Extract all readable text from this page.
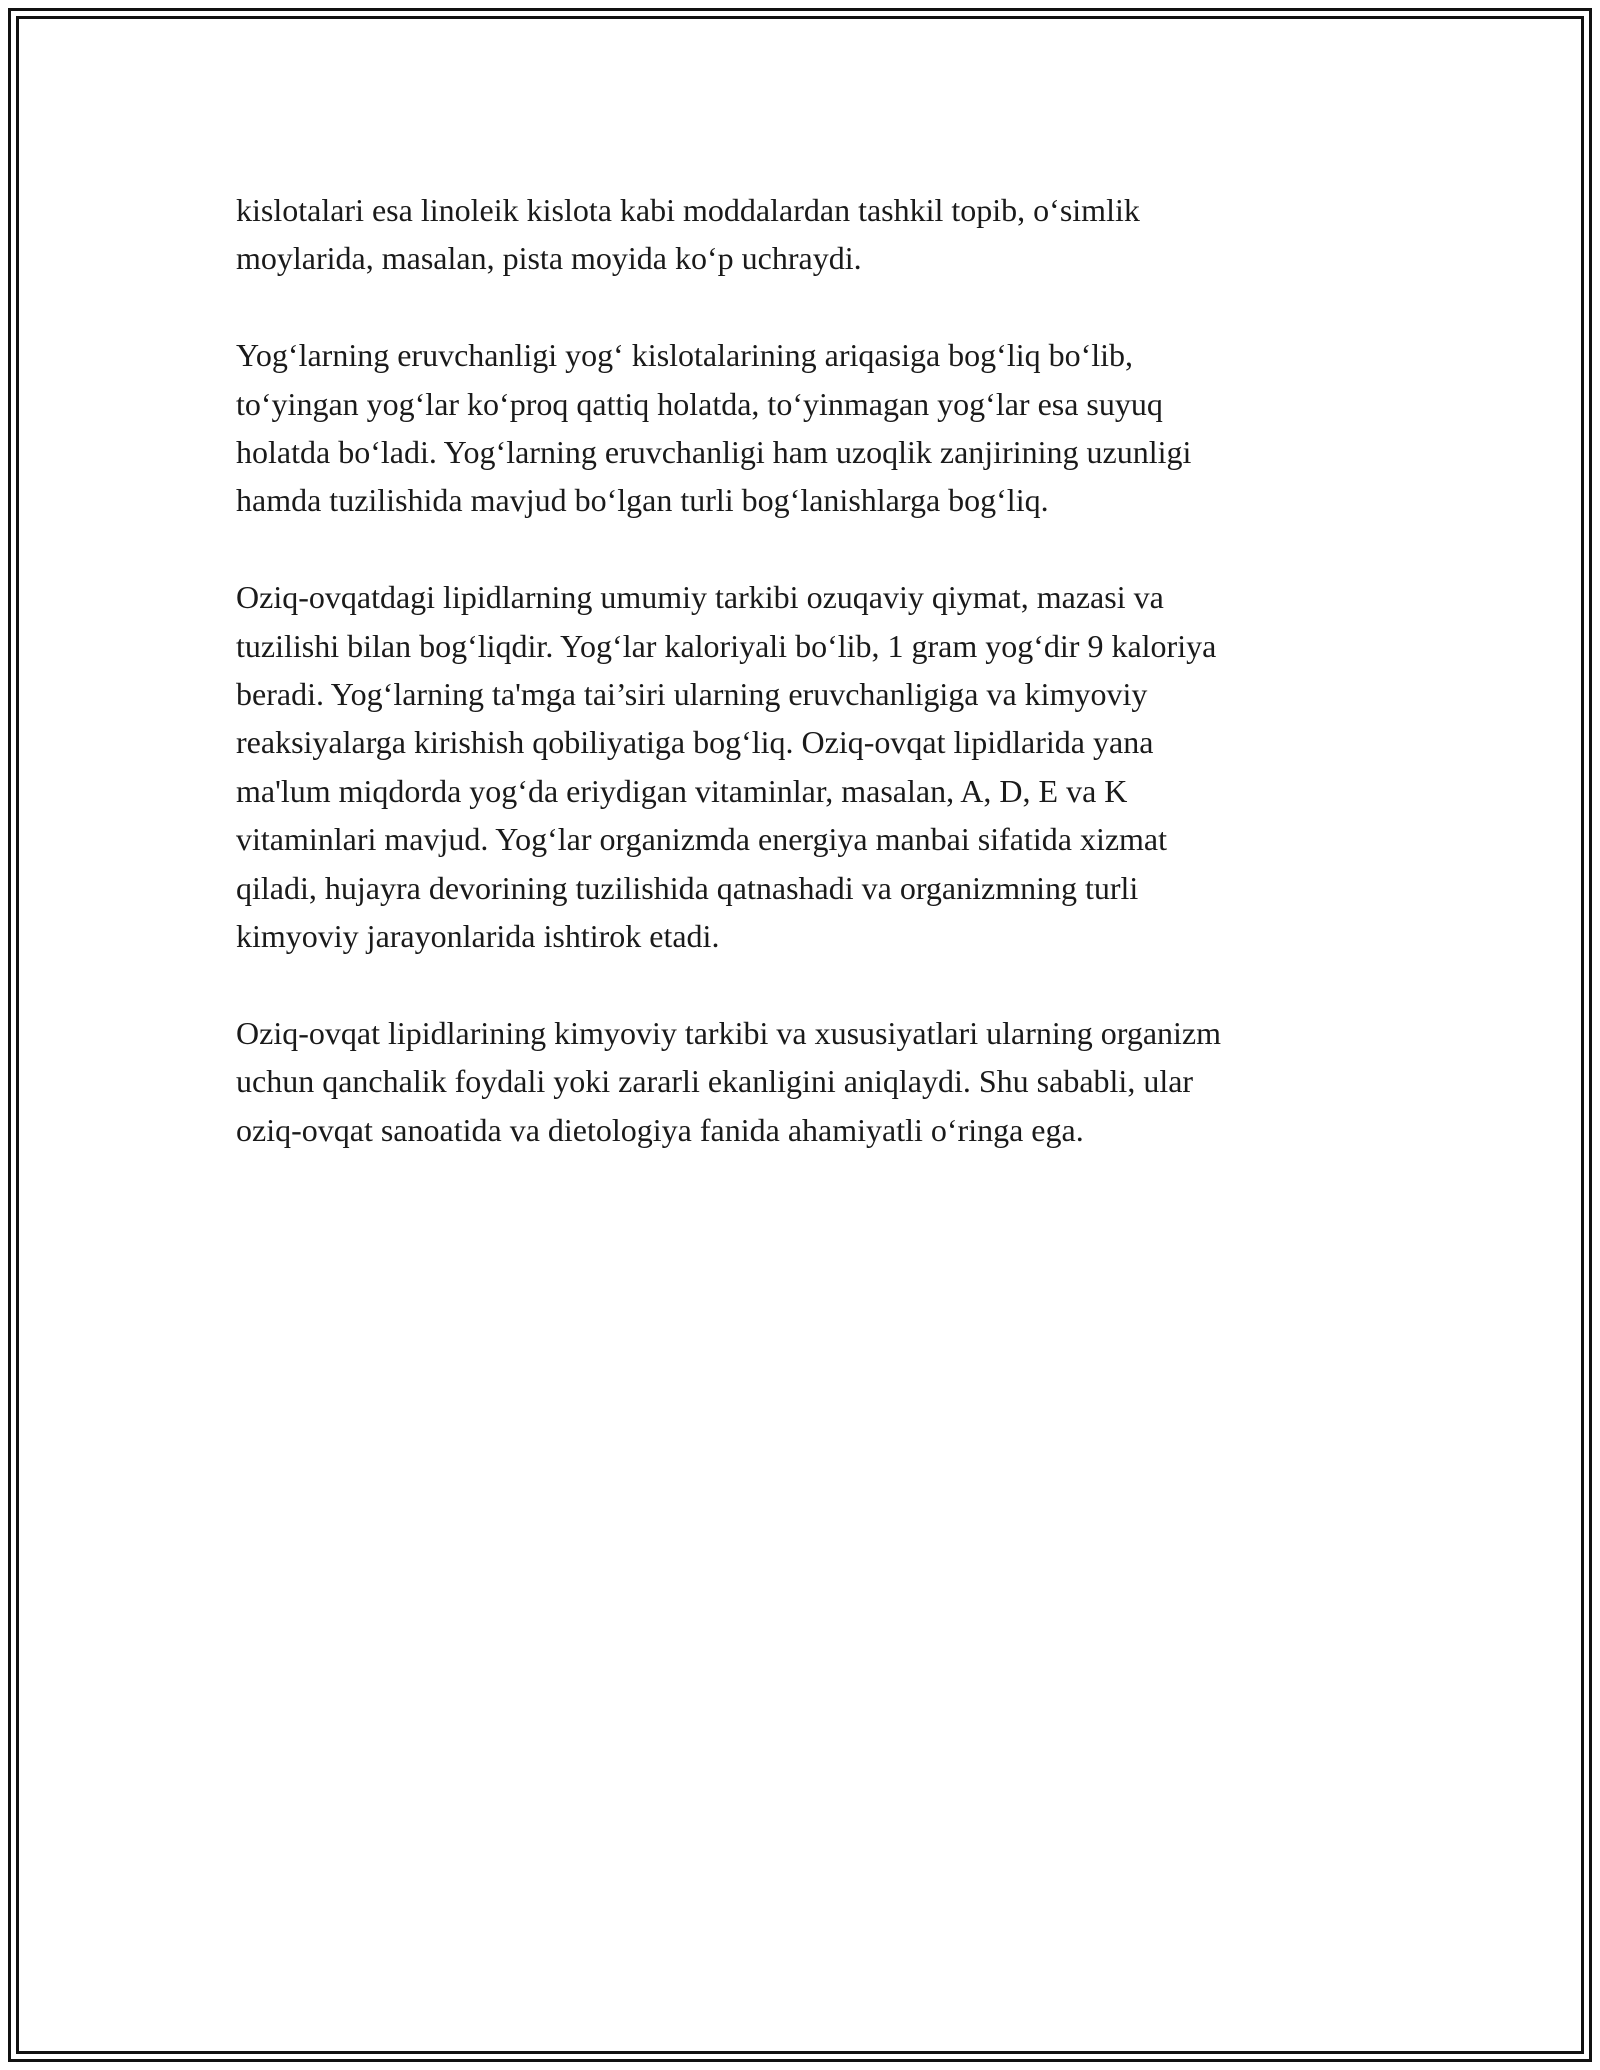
kislotalari esa linoleik kislota kabi moddalardan tashkil topib, o‘simlik
moylarida, masalan, pista moyida ko‘p uchraydi.

Yog‘larning eruvchanligi yog‘ kislotalarining ariqasiga bog‘liq bo‘lib,
to‘yingan yog‘lar ko‘proq qattiq holatda, to‘yinmagan yog‘lar esa suyuq
holatda bo‘ladi. Yog‘larning eruvchanligi ham uzoqlik zanjirining uzunligi
hamda tuzilishida mavjud bo‘lgan turli bog‘lanishlarga bog‘liq.

Oziq-ovqatdagi lipidlarning umumiy tarkibi ozuqaviy qiymat, mazasi va
tuzilishi bilan bog‘liqdir. Yog‘lar kaloriyali bo‘lib, 1 gram yog‘dir 9 kaloriya
beradi. Yog‘larning ta'mga tai’siri ularning eruvchanligiga va kimyoviy
reaksiyalarga kirishish qobiliyatiga bog‘liq. Oziq-ovqat lipidlarida yana
ma'lum miqdorda yog‘da eriydigan vitaminlar, masalan, A, D, E va K
vitaminlari mavjud. Yog‘lar organizmda energiya manbai sifatida xizmat
qiladi, hujayra devorining tuzilishida qatnashadi va organizmning turli
kimyoviy jarayonlarida ishtirok etadi.

Oziq-ovqat lipidlarining kimyoviy tarkibi va xususiyatlari ularning organizm
uchun qanchalik foydali yoki zararli ekanligini aniqlaydi. Shu sababli, ular
oziq-ovqat sanoatida va dietologiya fanida ahamiyatli o‘ringa ega.
